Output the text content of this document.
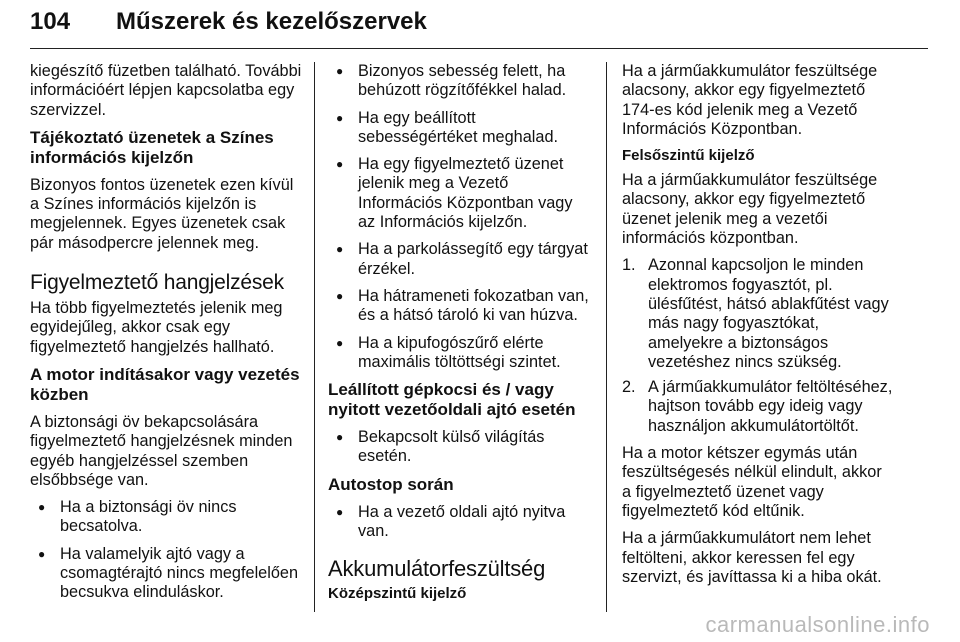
104	Műszerek és kezelőszervek

kiegészítő füzetben található. További információért lépjen kapcsolatba egy szervizzel.

Tájékoztató üzenetek a Színes információs kijelzőn

Bizonyos fontos üzenetek ezen kívül a Színes információs kijelzőn is megjelennek. Egyes üzenetek csak pár másodpercre jelennek meg.

Figyelmeztető hangjelzések

Ha több figyelmeztetés jelenik meg egyidejűleg, akkor csak egy figyelmeztető hangjelzés hallható.

A motor indításakor vagy vezetés közben

A biztonsági öv bekapcsolására figyelmeztető hangjelzésnek minden egyéb hangjelzéssel szemben elsőbbsége van.

● Ha a biztonsági öv nincs becsatolva.
● Ha valamelyik ajtó vagy a csomagtérajtó nincs megfelelően becsukva elinduláskor.
● Bizonyos sebesség felett, ha behúzott rögzítőfékkel halad.
● Ha egy beállított sebességértéket meghalad.
● Ha egy figyelmeztető üzenet jelenik meg a Vezető Információs Központban vagy az Információs kijelzőn.
● Ha a parkolássegítő egy tárgyat érzékel.
● Ha hátrameneti fokozatban van, és a hátsó tároló ki van húzva.
● Ha a kipufogószűrő elérte maximális töltöttségi szintet.
Leállított gépkocsi és / vagy nyitott vezetőoldali ajtó esetén
● Bekapcsolt külső világítás esetén.
Autostop során
● Ha a vezető oldali ajtó nyitva van.
Akkumulátorfeszültség
Középszintű kijelző

Ha a járműakkumulátor feszültsége alacsony, akkor egy figyelmeztető 174-es kód jelenik meg a Vezető Információs Központban.

Felsőszintű kijelző

Ha a járműakkumulátor feszültsége alacsony, akkor egy figyelmeztető üzenet jelenik meg a vezetői információs központban.

1. Azonnal kapcsoljon le minden elektromos fogyasztót, pl. ülésfűtést, hátsó ablakfűtést vagy más nagy fogyasztókat, amelyekre a biztonságos vezetéshez nincs szükség.
2. A járműakkumulátor feltöltéséhez, hajtson tovább egy ideig vagy használjon akkumulátortöltőt.

Ha a motor kétszer egymás után feszültségesés nélkül elindult, akkor a figyelmeztető üzenet vagy figyelmeztető kód eltűnik.

Ha a járműakkumulátort nem lehet feltölteni, akkor keressen fel egy szervizt, és javíttassa ki a hiba okát.

carmanualsonline.info
